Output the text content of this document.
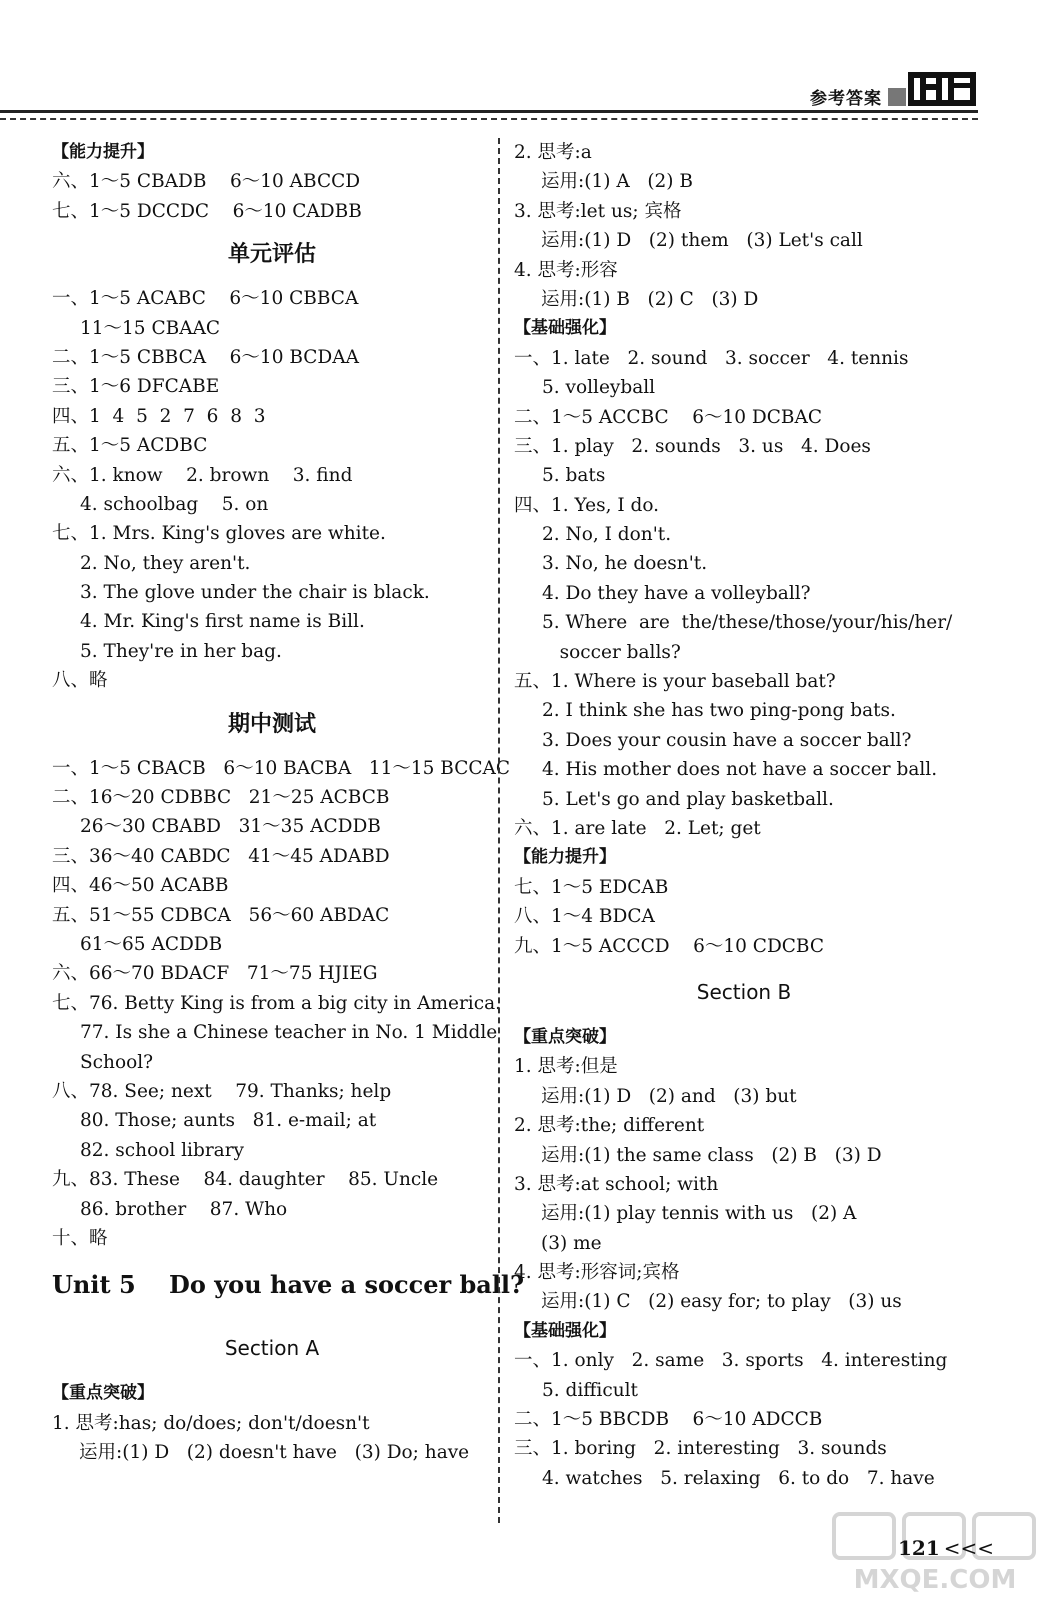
参考答案
【能力提升】
六、1～5 CBADB    6～10 ABCCD
七、1～5 DCCDC    6～10 CADBB
单元评估
一、1～5 ACABC    6～10 CBBCA
11～15 CBAAC
二、1～5 CBBCA    6～10 BCDAA
三、1～6 DFCABE
四、1  4  5  2  7  6  8  3
五、1～5 ACDBC
六、1. know    2. brown    3. find
4. schoolbag    5. on
七、1. Mrs. King's gloves are white.
2. No, they aren't.
3. The glove under the chair is black.
4. Mr. King's first name is Bill.
5. They're in her bag.
八、略
期中测试
一、1～5 CBACB   6～10 BACBA   11～15 BCCAC
二、16～20 CDBBC   21～25 ACBCB
26～30 CBABD   31～35 ACDDB
三、36～40 CABDC   41～45 ADABD
四、46～50 ACABB
五、51～55 CDBCA   56～60 ABDAC
61～65 ACDDB
六、66～70 BDACF   71～75 HJIEG
七、76. Betty King is from a big city in America.
77. Is she a Chinese teacher in No. 1 Middle
School?
八、78. See; next    79. Thanks; help
80. Those; aunts   81. e-mail; at
82. school library
九、83. These    84. daughter    85. Uncle
86. brother    87. Who
十、略
Unit 5    Do you have a soccer ball?
Section A
【重点突破】
1. 思考:has; do/does; don't/doesn't
运用:(1) D   (2) doesn't have   (3) Do; have
2. 思考:a
运用:(1) A   (2) B
3. 思考:let us; 宾格
运用:(1) D   (2) them   (3) Let's call
4. 思考:形容
运用:(1) B   (2) C   (3) D
【基础强化】
一、1. late   2. sound   3. soccer   4. tennis
5. volleyball
二、1～5 ACCBC    6～10 DCBAC
三、1. play   2. sounds   3. us   4. Does
5. bats
四、1. Yes, I do.
2. No, I don't.
3. No, he doesn't.
4. Do they have a volleyball?
5. Where  are  the/these/those/your/his/her/
soccer balls?
五、1. Where is your baseball bat?
2. I think she has two ping-pong bats.
3. Does your cousin have a soccer ball?
4. His mother does not have a soccer ball.
5. Let's go and play basketball.
六、1. are late   2. Let; get
【能力提升】
七、1～5 EDCAB
八、1～4 BDCA
九、1～5 ACCCD    6～10 CDCBC
Section B
【重点突破】
1. 思考:但是
运用:(1) D   (2) and   (3) but
2. 思考:the; different
运用:(1) the same class   (2) B   (3) D
3. 思考:at school; with
运用:(1) play tennis with us   (2) A
(3) me
4. 思考:形容词;宾格
运用:(1) C   (2) easy for; to play   (3) us
【基础强化】
一、1. only   2. same   3. sports   4. interesting
5. difficult
二、1～5 BBCDB    6～10 ADCCB
三、1. boring   2. interesting   3. sounds
4. watches   5. relaxing   6. to do   7. have
MXQE.COM
121 <<<
